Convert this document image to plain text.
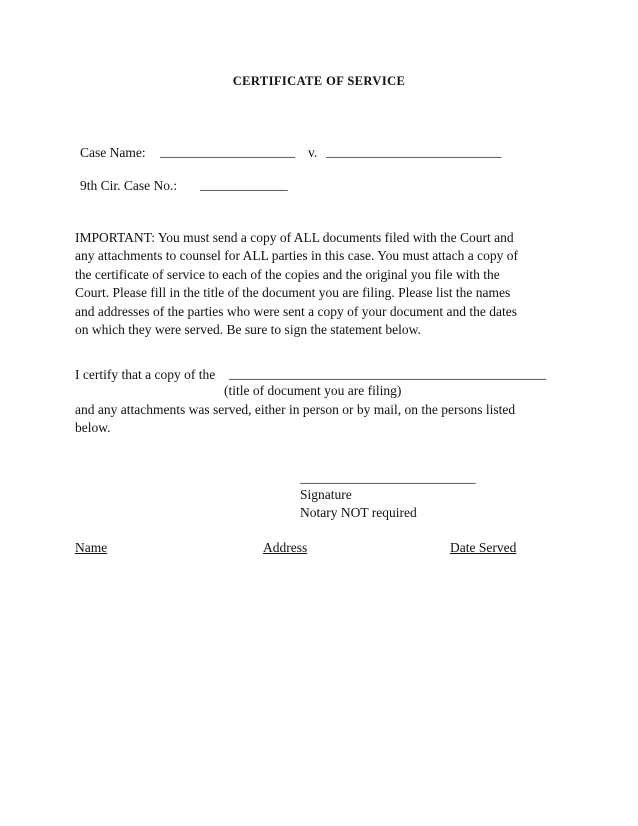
CERTIFICATE OF SERVICE
Case Name: ____________________ v. __________________________
9th Cir. Case No.: _____________
IMPORTANT: You must send a copy of ALL documents filed with the Court and
any attachments to counsel for ALL parties in this case. You must attach a copy of
the certificate of service to each of the copies and the original you file with the
Court. Please fill in the title of the document you are filing. Please list the names
and addresses of the parties who were sent a copy of your document and the dates
on which they were served. Be sure to sign the statement below.
I certify that a copy of the _______________________________________________
(title of document you are filing)
and any attachments was served, either in person or by mail, on the persons listed
below.
__________________________
Signature
Notary NOT required
Name	Address	Date Served
